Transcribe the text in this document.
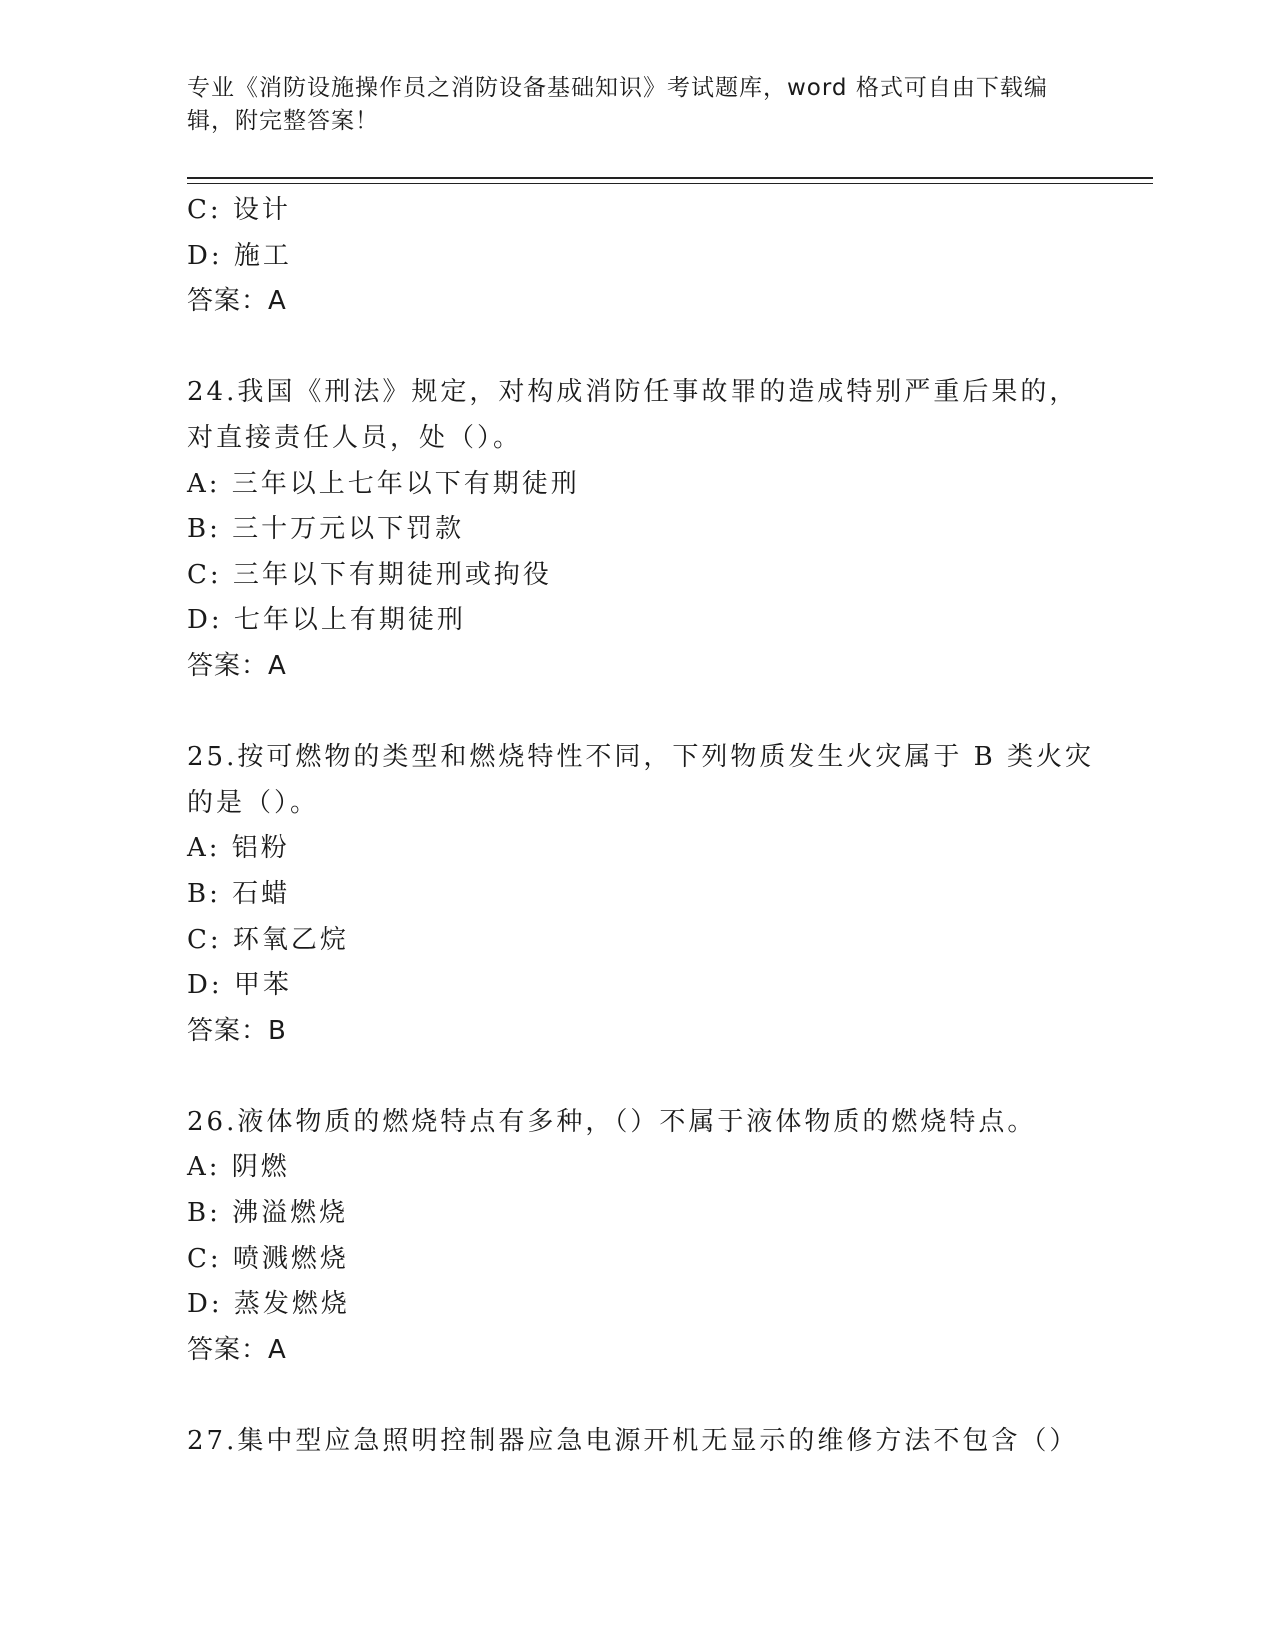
专业《消防设施操作员之消防设备基础知识》考试题库，word 格式可自由下载编
辑，附完整答案！
C: 设计
D: 施工
答案：A
24.我国《刑法》规定，对构成消防任事故罪的造成特别严重后果的，
对直接责任人员，处（）。
A: 三年以上七年以下有期徒刑
B: 三十万元以下罚款
C: 三年以下有期徒刑或拘役
D: 七年以上有期徒刑
答案：A
25.按可燃物的类型和燃烧特性不同，下列物质发生火灾属于 B 类火灾
的是（）。
A: 铝粉
B: 石蜡
C: 环氧乙烷
D: 甲苯
答案：B
26.液体物质的燃烧特点有多种，（）不属于液体物质的燃烧特点。
A: 阴燃
B: 沸溢燃烧
C: 喷溅燃烧
D: 蒸发燃烧
答案：A
27.集中型应急照明控制器应急电源开机无显示的维修方法不包含（）
